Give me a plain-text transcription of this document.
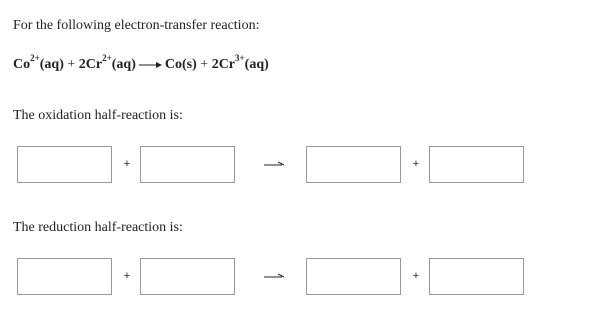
For the following electron-transfer reaction:
$Co^{2+}(aq) + 2Cr^{2+}(aq) \to Co(s) + 2Cr^{3+}(aq)$
The oxidation half-reaction is:
+	+
The reduction half-reaction is:
+	+
